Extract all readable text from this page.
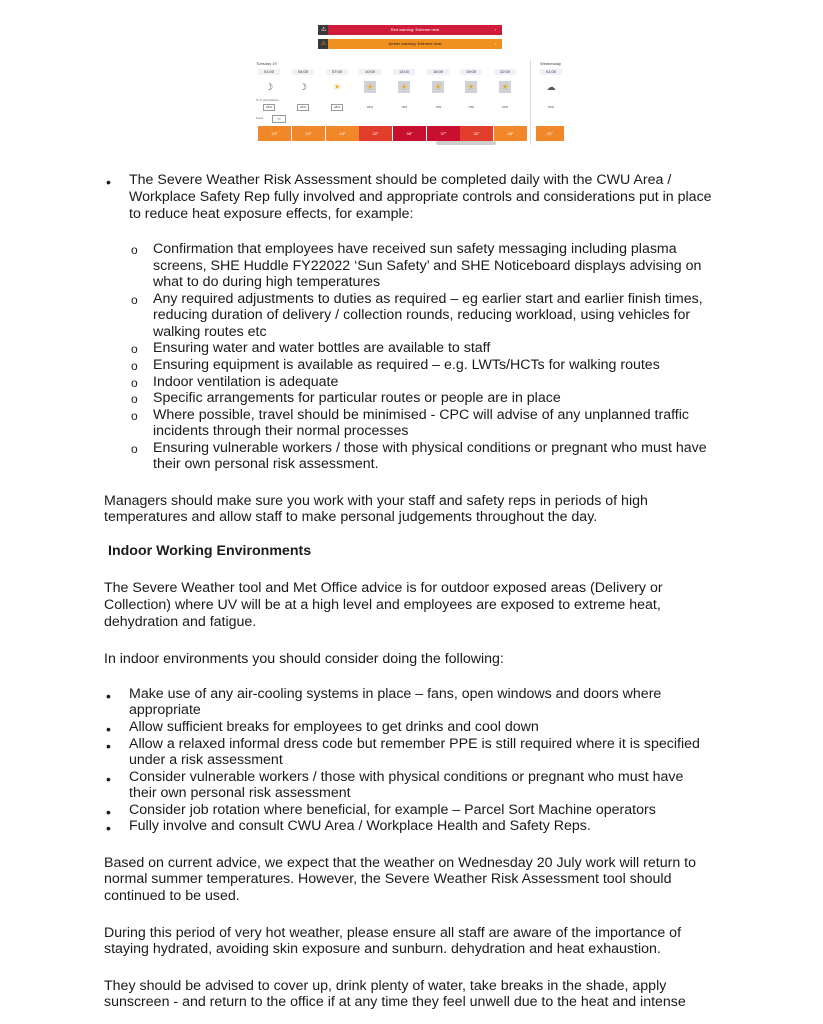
⚠	Red warning: Extreme heat	›
⚠	Amber warning: Extreme heat	›
Tuesday 19	Wednesday
01:00	04:00	07:00	10:00	13:00	16:00	19:00	22:00	01:00
☽	☽	☀	☀	☀	☀	☀	☀	☁
% of precipitation
≤5%	≤5%	≤5%	≤5%	<5%	<5%	<5%	10%	10%
Feels	°C
24°	22°	24°	32°	36°	37°	32°	28°	22°
• The Severe Weather Risk Assessment should be completed daily with the CWU Area /
Workplace Safety Rep fully involved and appropriate controls and considerations put in place
to reduce heat exposure effects, for example:
o Confirmation that employees have received sun safety messaging including plasma
screens, SHE Huddle FY22022 ‘Sun Safety’ and SHE Noticeboard displays advising on
what to do during high temperatures
o Any required adjustments to duties as required – eg earlier start and earlier finish times,
reducing duration of delivery / collection rounds, reducing workload, using vehicles for
walking routes etc
o Ensuring water and water bottles are available to staff
o Ensuring equipment is available as required – e.g. LWTs/HCTs for walking routes
o Indoor ventilation is adequate
o Specific arrangements for particular routes or people are in place
o Where possible, travel should be minimised - CPC will advise of any unplanned traffic
incidents through their normal processes
o Ensuring vulnerable workers / those with physical conditions or pregnant who must have
their own personal risk assessment.
Managers should make sure you work with your staff and safety reps in periods of high
temperatures and allow staff to make personal judgements throughout the day.
Indoor Working Environments
The Severe Weather tool and Met Office advice is for outdoor exposed areas (Delivery or
Collection) where UV will be at a high level and employees are exposed to extreme heat,
dehydration and fatigue.
In indoor environments you should consider doing the following:
• Make use of any air-cooling systems in place – fans, open windows and doors where
appropriate
• Allow sufficient breaks for employees to get drinks and cool down
• Allow a relaxed informal dress code but remember PPE is still required where it is specified
under a risk assessment
• Consider vulnerable workers / those with physical conditions or pregnant who must have
their own personal risk assessment
• Consider job rotation where beneficial, for example – Parcel Sort Machine operators
• Fully involve and consult CWU Area / Workplace Health and Safety Reps.
Based on current advice, we expect that the weather on Wednesday 20 July work will return to
normal summer temperatures. However, the Severe Weather Risk Assessment tool should
continued to be used.
During this period of very hot weather, please ensure all staff are aware of the importance of
staying hydrated, avoiding skin exposure and sunburn. dehydration and heat exhaustion.
They should be advised to cover up, drink plenty of water, take breaks in the shade, apply
sunscreen - and return to the office if at any time they feel unwell due to the heat and intense
